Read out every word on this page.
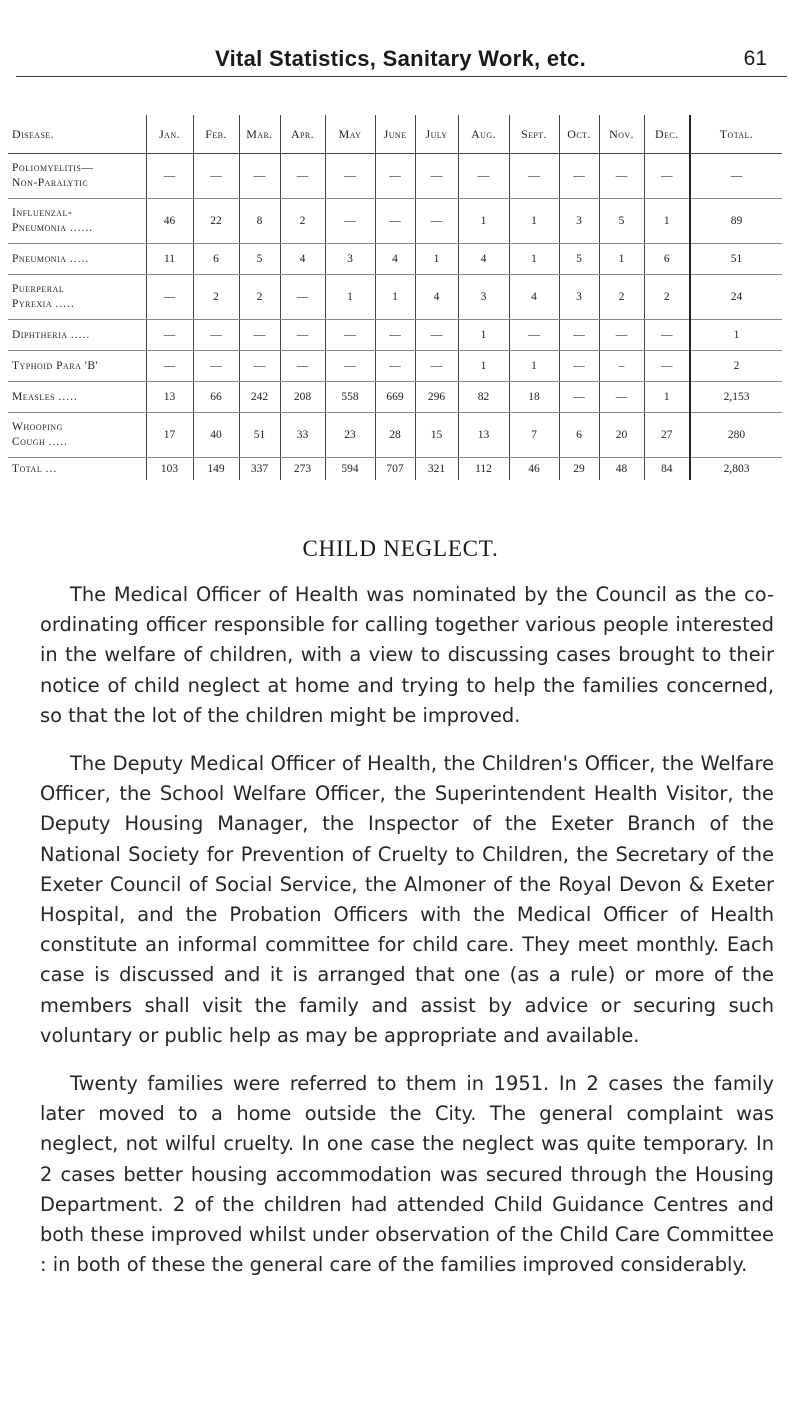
Vital Statistics, Sanitary Work, etc.	61
Disease.	Jan.	Feb.	Mar.	Apr.	May	June	July	Aug.	Sept.	Oct.	Nov.	Dec.	Total.

Poliomyelitis—
Non-Paralytic	—	—	—	—	—	—	—	—	—	—	—	—	—

Influenzal-
Pneumonia ......	46	22	8	2	—	—	—	1	1	3	5	1	89

Pneumonia .....	11	6	5	4	3	4	1	4	1	5	1	6	51

Puerperal
Pyrexia .....	—	2	2	—	1	1	4	3	4	3	2	2	24

Diphtheria .....	—	—	—	—	—	—	—	1	—	—	—	—	1

Typhoid Para 'B'	—	—	—	—	—	—	—	1	1	—	–	—	2

Measles .....	13	66	242	208	558	669	296	82	18	—	—	1	2,153

Whooping
Cough .....	17	40	51	33	23	28	15	13	7	6	20	27	280

Total ...	103	149	337	273	594	707	321	112	46	29	48	84	2,803
CHILD NEGLECT.

The Medical Officer of Health was nominated by the Council as the co-ordinating officer responsible for calling together various people interested in the welfare of children, with a view to discussing cases brought to their notice of child neglect at home and trying to help the families concerned, so that the lot of the children might be improved.

The Deputy Medical Officer of Health, the Children's Officer, the Welfare Officer, the School Welfare Officer, the Superintendent Health Visitor, the Deputy Housing Manager, the Inspector of the Exeter Branch of the National Society for Prevention of Cruelty to Children, the Secretary of the Exeter Council of Social Service, the Almoner of the Royal Devon & Exeter Hospital, and the Probation Officers with the Medical Officer of Health constitute an informal committee for child care. They meet monthly. Each case is discussed and it is arranged that one (as a rule) or more of the members shall visit the family and assist by advice or securing such voluntary or public help as may be appropriate and available.

Twenty families were referred to them in 1951. In 2 cases the family later moved to a home outside the City. The general complaint was neglect, not wilful cruelty. In one case the neglect was quite temporary. In 2 cases better housing accommodation was secured through the Housing Department. 2 of the children had attended Child Guidance Centres and both these improved whilst under observation of the Child Care Committee : in both of these the general care of the families improved considerably.
